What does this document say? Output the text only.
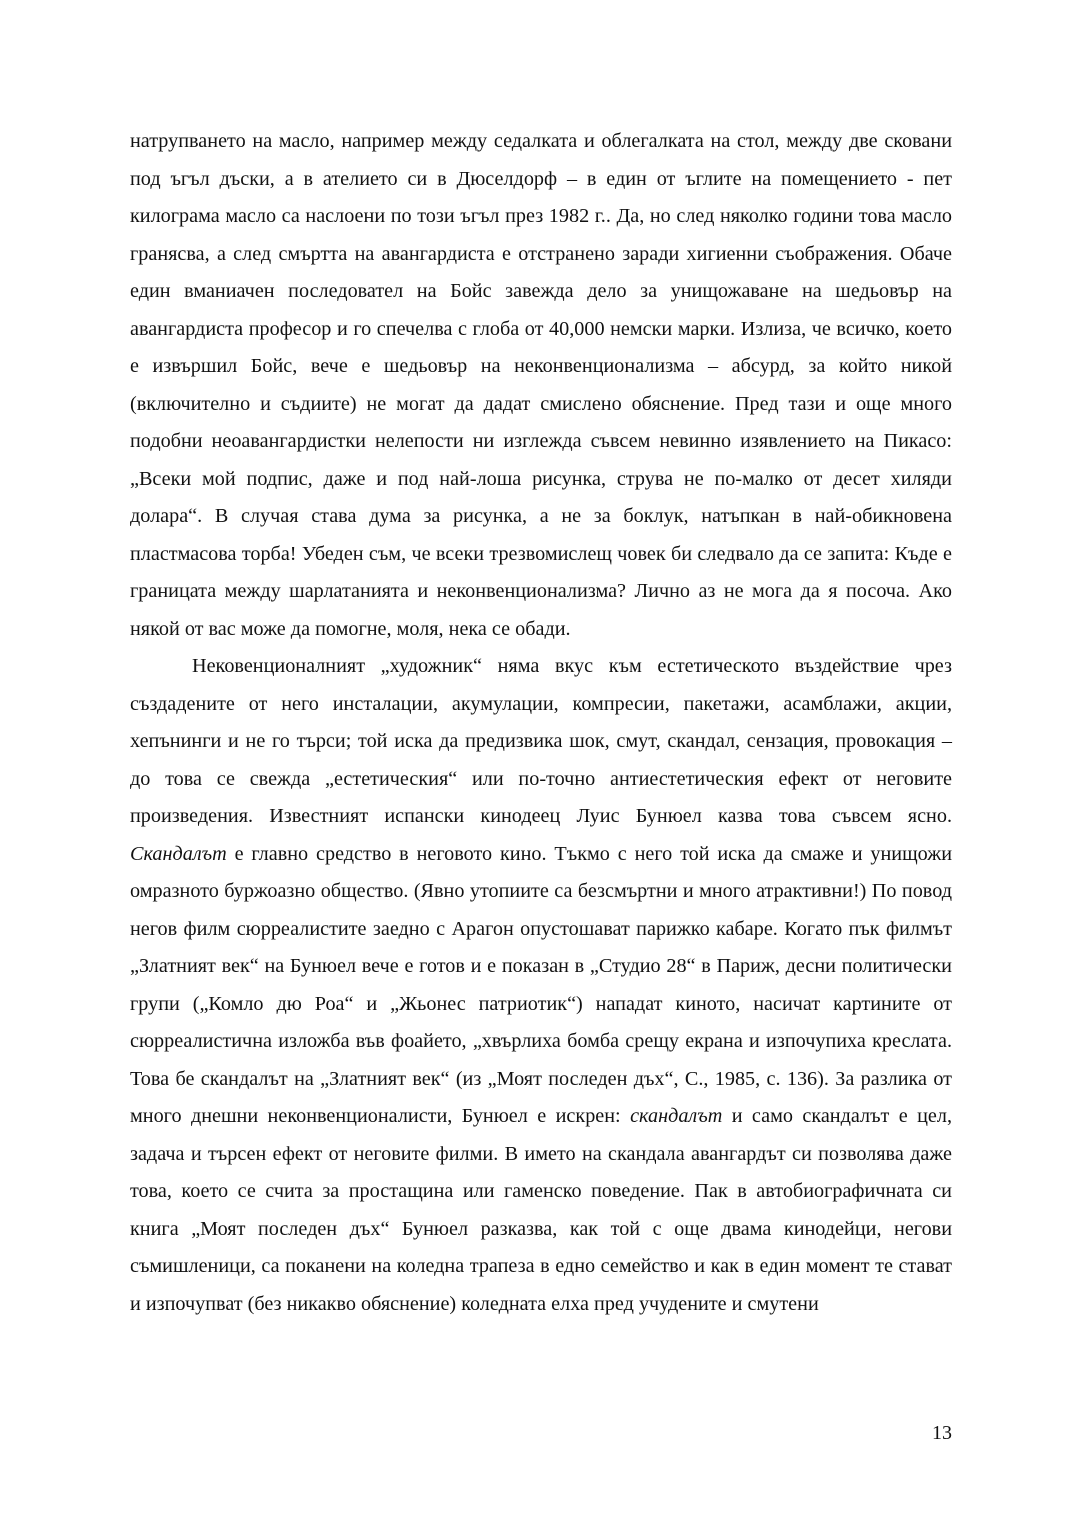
натрупването на масло, например между седалката и облегалката на стол, между две сковани под ъгъл дъски, а в ателието си в Дюселдорф – в един от ъглите на помещението - пет килограма масло са наслоени по този ъгъл през 1982 г.. Да, но след няколко години това масло гранясва, а след смъртта на авангардиста е отстранено заради хигиенни съображения. Обаче един вманиачен последовател на Бойс завежда дело за унищожаване на шедьовър на авангардиста професор и го спечелва с глоба от 40,000 немски марки. Излиза, че всичко, което е извършил Бойс, вече е шедьовър на неконвенционализма – абсурд, за който никой (включително и съдиите) не могат да дадат смислено обяснение. Пред тази и още много подобни неоавангардистки нелепости ни изглежда съвсем невинно изявлението на Пикасо: „Всеки мой подпис, даже и под най-лоша рисунка, струва не по-малко от десет хиляди долара“. В случая става дума за рисунка, а не за боклук, натъпкан в най-обикновена пластмасова торба! Убеден съм, че всеки трезвомислещ човек би следвало да се запита: Къде е границата между шарлатанията и неконвенционализма? Лично аз не мога да я посоча. Ако някой от вас може да помогне, моля, нека се обади.

Нековенционалният „художник“ няма вкус към естетическото въздействие чрез създадените от него инсталации, акумулации, компресии, пакетажи, асамблажи, акции, хепънинги и не го търси; той иска да предизвика шок, смут, скандал, сензация, провокация – до това се свежда „естетическия“ или по-точно антиестетическия ефект от неговите произведения. Известният испански кинодеец Луис Бунюел казва това съвсем ясно. Скандалът е главно средство в неговото кино. Тъкмо с него той иска да смаже и унищожи омразното буржоазно общество. (Явно утопиите са безсмъртни и много атрактивни!) По повод негов филм сюрреалистите заедно с Арагон опустошават парижко кабаре. Когато пък филмът „Златният век“ на Бунюел вече е готов и е показан в „Студио 28“ в Париж, десни политически групи („Комло дю Роа“ и „Жьонес патриотик“) нападат киното, насичат картините от сюрреалистична изложба във фоайето, „хвърлиха бомба срещу екрана и изпочупиха креслата. Това бе скандалът на „Златният век“ (из „Моят последен дъх“, С., 1985, с. 136). За разлика от много днешни неконвенционалисти, Бунюел е искрен: скандалът и само скандалът е цел, задача и търсен ефект от неговите филми. В името на скандала авангардът си позволява даже това, което се счита за простащина или гаменско поведение. Пак в автобиографичната си книга „Моят последен дъх“ Бунюел разказва, как той с още двама кинодейци, негови съмишленици, са поканени на коледна трапеза в едно семейство и как в един момент те стават и изпочупват (без никакво обяснение) коледната елха пред учудените и смутени

13
